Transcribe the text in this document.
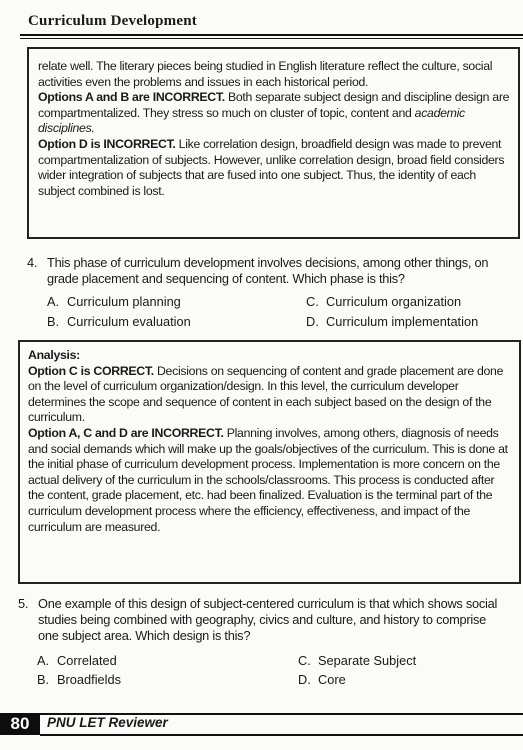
Curriculum Development

relate well. The literary pieces being studied in English literature reflect the culture, social activities even the problems and issues in each historical period.

Options A and B are INCORRECT. Both separate subject design and discipline design are compartmentalized. They stress so much on cluster of topic, content and academic disciplines.

Option D is INCORRECT. Like correlation design, broadfield design was made to prevent compartmentalization of subjects. However, unlike correlation design, broad field considers wider integration of subjects that are fused into one subject. Thus, the identity of each subject combined is lost.

4. This phase of curriculum development involves decisions, among other things, on grade placement and sequencing of content. Which phase is this?
A. Curriculum planning
B. Curriculum evaluation
C. Curriculum organization
D. Curriculum implementation

Analysis:

Option C is CORRECT. Decisions on sequencing of content and grade placement are done on the level of curriculum organization/design. In this level, the curriculum developer determines the scope and sequence of content in each subject based on the design of the curriculum.

Option A, C and D are INCORRECT. Planning involves, among others, diagnosis of needs and social demands which will make up the goals/objectives of the curriculum. This is done at the initial phase of curriculum development process. Implementation is more concern on the actual delivery of the curriculum in the schools/classrooms. This process is conducted after the content, grade placement, etc. had been finalized. Evaluation is the terminal part of the curriculum development process where the efficiency, effectiveness, and impact of the curriculum are measured.

5. One example of this design of subject-centered curriculum is that which shows social studies being combined with geography, civics and culture, and history to comprise one subject area. Which design is this?
A. Correlated
B. Broadfields
C. Separate Subject
D. Core
80	PNU LET Reviewer
